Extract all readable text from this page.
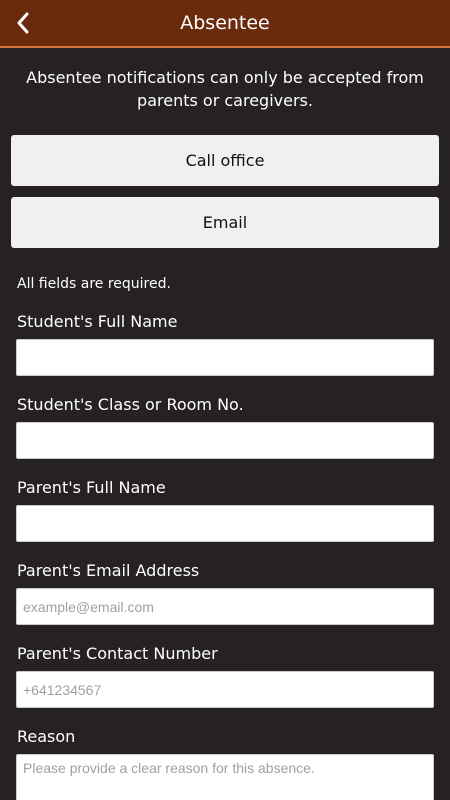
Absentee
Absentee notifications can only be accepted from parents or caregivers.
Call office
Email
All fields are required.
Student's Full Name
Student's Class or Room No.
Parent's Full Name
Parent's Email Address
example@email.com
Parent's Contact Number
+641234567
Reason
Please provide a clear reason for this absence.
